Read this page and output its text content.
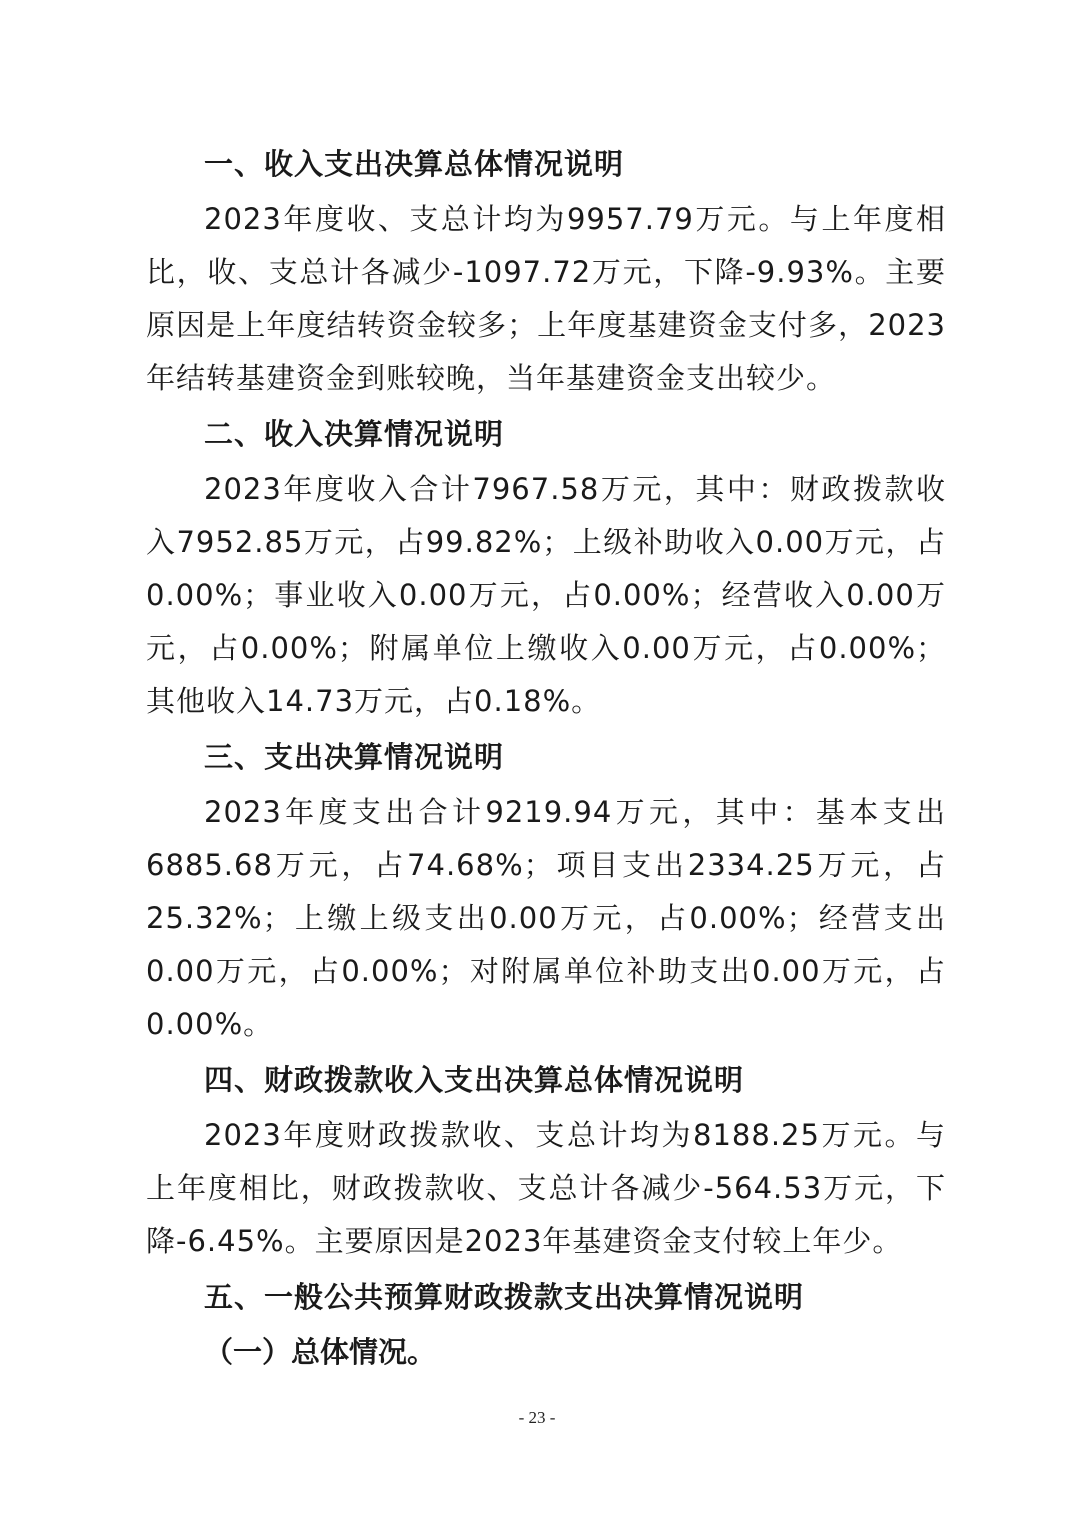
一、收入支出决算总体情况说明
2023年度收、支总计均为9957.79万元。与上年度相比，收、支总计各减少-1097.72万元，下降-9.93%。主要原因是上年度结转资金较多；上年度基建资金支付多，2023年结转基建资金到账较晚，当年基建资金支出较少。
二、收入决算情况说明
2023年度收入合计7967.58万元，其中：财政拨款收入7952.85万元，占99.82%；上级补助收入0.00万元，占0.00%；事业收入0.00万元，占0.00%；经营收入0.00万元，占0.00%；附属单位上缴收入0.00万元，占0.00%；其他收入14.73万元，占0.18%。
三、支出决算情况说明
2023年度支出合计9219.94万元，其中：基本支出6885.68万元，占74.68%；项目支出2334.25万元，占25.32%；上缴上级支出0.00万元，占0.00%；经营支出0.00万元，占0.00%；对附属单位补助支出0.00万元，占0.00%。
四、财政拨款收入支出决算总体情况说明
2023年度财政拨款收、支总计均为8188.25万元。与上年度相比，财政拨款收、支总计各减少-564.53万元，下降-6.45%。主要原因是2023年基建资金支付较上年少。
五、一般公共预算财政拨款支出决算情况说明
（一）总体情况。
- 23 -
